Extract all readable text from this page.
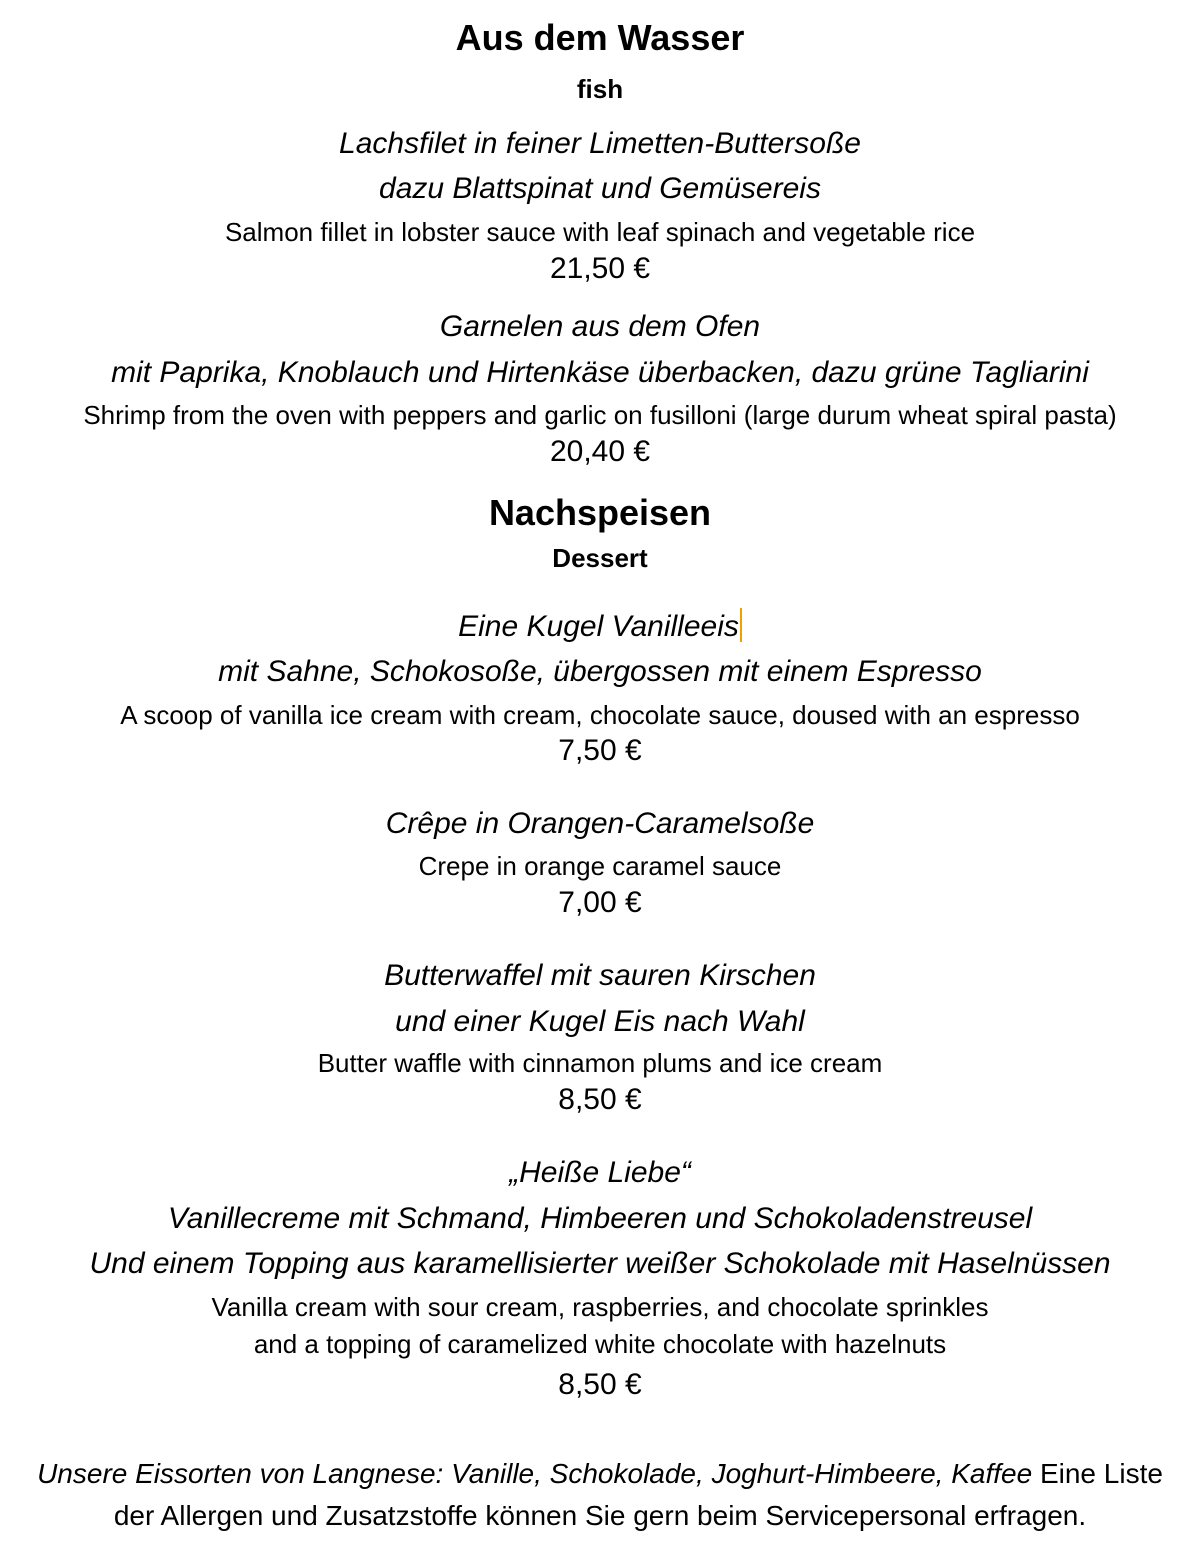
Aus dem Wasser
fish
Lachsfilet in feiner Limetten-Buttersoße
dazu Blattspinat und Gemüsereis
Salmon fillet in lobster sauce with leaf spinach and vegetable rice
21,50 €
Garnelen aus dem Ofen
mit Paprika, Knoblauch und Hirtenkäse überbacken, dazu grüne Tagliarini
Shrimp from the oven with peppers and garlic on fusilloni (large durum wheat spiral pasta)
20,40 €
Nachspeisen
Dessert
Eine Kugel Vanilleeis
mit Sahne, Schokosoße, übergossen mit einem Espresso
A scoop of vanilla ice cream with cream, chocolate sauce, doused with an espresso
7,50 €
Crêpe in Orangen-Caramelsoße
Crepe in orange caramel sauce
7,00 €
Butterwaffel mit sauren Kirschen
und einer Kugel Eis nach Wahl
Butter waffle with cinnamon plums and ice cream
8,50 €
„Heiße Liebe“
Vanillecreme mit Schmand, Himbeeren und Schokoladenstreusel
Und einem Topping aus karamellisierter weißer Schokolade mit Haselnüssen
Vanilla cream with sour cream, raspberries, and chocolate sprinkles
and a topping of caramelized white chocolate with hazelnuts
8,50 €
Unsere Eissorten von Langnese: Vanille, Schokolade, Joghurt-Himbeere, Kaffee Eine Liste der Allergen und Zusatzstoffe können Sie gern beim Servicepersonal erfragen.
